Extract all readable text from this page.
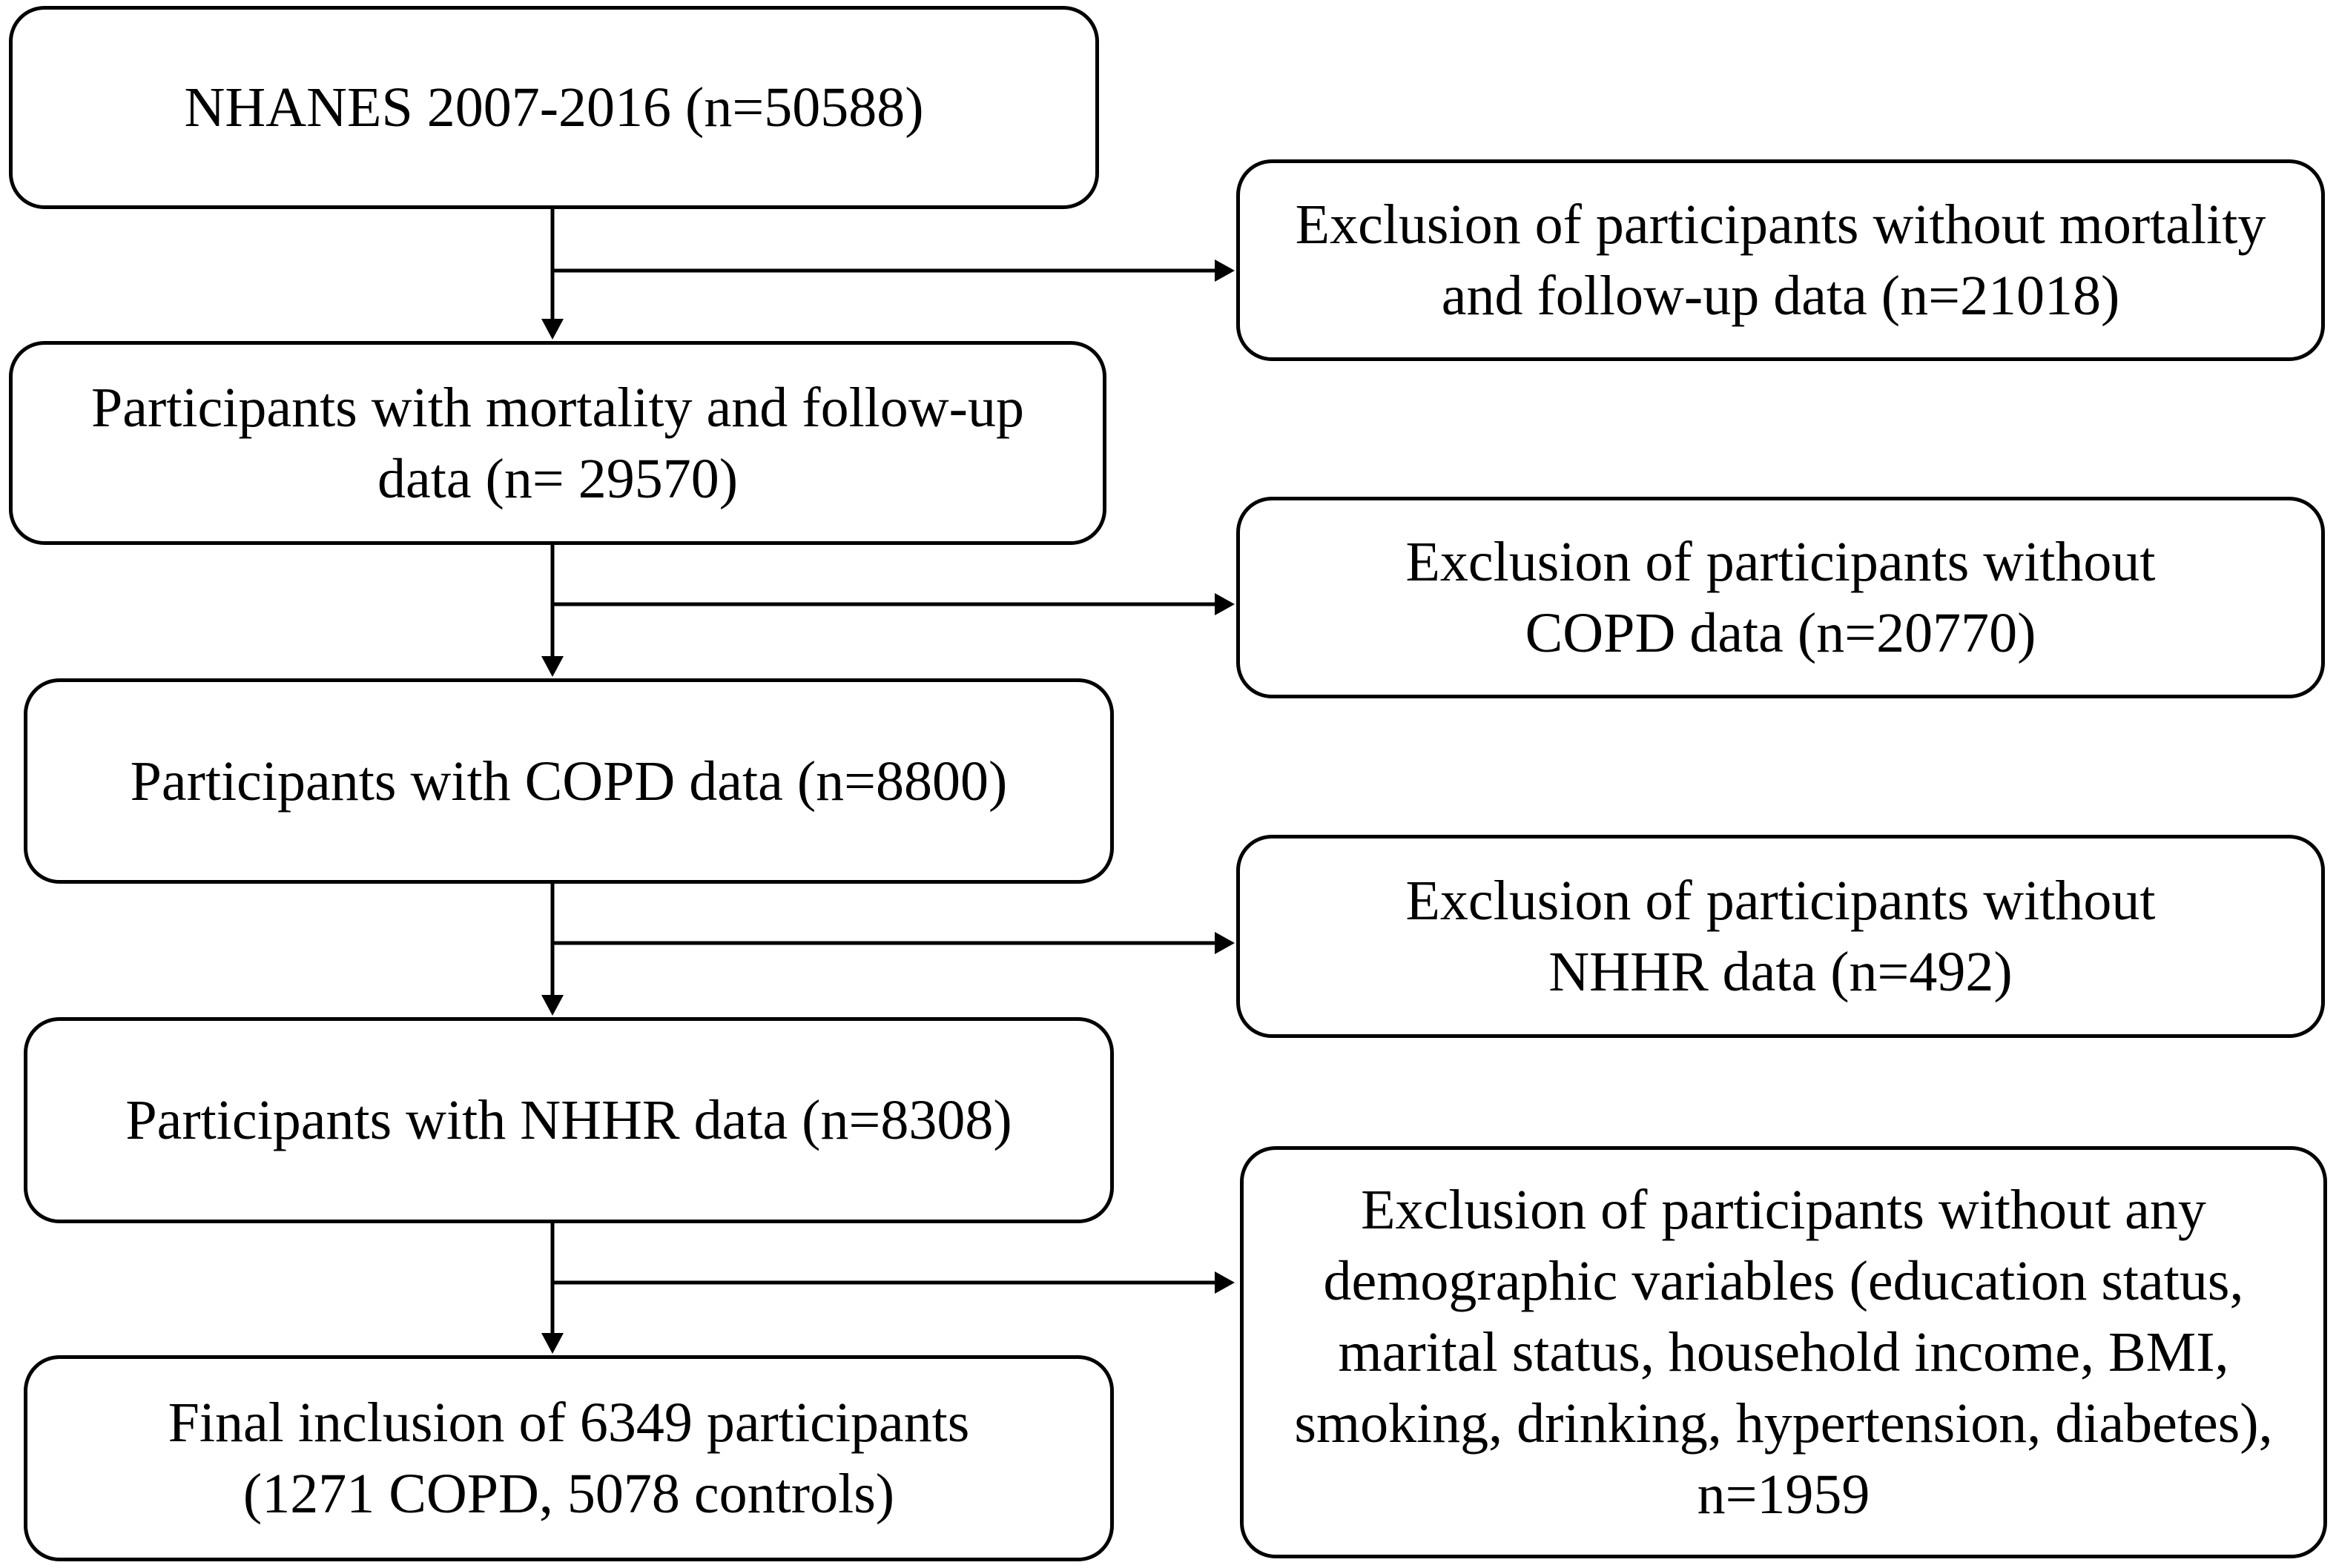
NHANES 2007-2016 (n=50588)
Participants with mortality and follow-up data (n= 29570)
Participants with COPD data (n=8800)
Participants with NHHR data (n=8308)
Final inclusion of 6349 participants (1271 COPD, 5078 controls)
Exclusion of participants without mortality and follow-up data (n=21018)
Exclusion of participants without COPD data (n=20770)
Exclusion of participants without NHHR data (n=492)
Exclusion of participants without any demographic variables (education status, marital status, household income, BMI, smoking, drinking, hypertension, diabetes), n=1959
